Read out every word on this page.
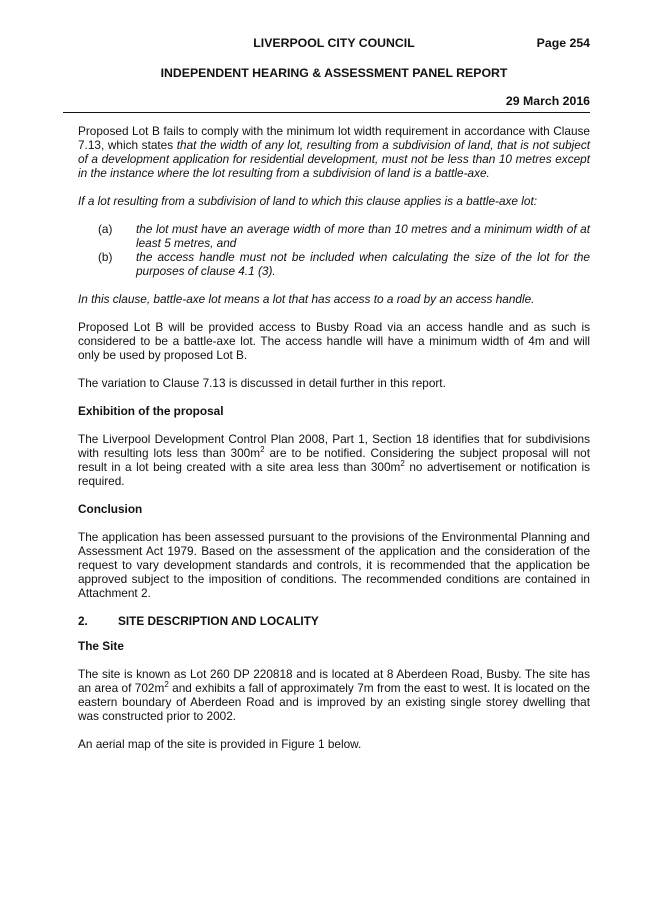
LIVERPOOL CITY COUNCIL	Page 254
INDEPENDENT HEARING & ASSESSMENT PANEL REPORT
29 March 2016

Proposed Lot B fails to comply with the minimum lot width requirement in accordance with Clause 7.13, which states that the width of any lot, resulting from a subdivision of land, that is not subject of a development application for residential development, must not be less than 10 metres except in the instance where the lot resulting from a subdivision of land is a battle-axe.

If a lot resulting from a subdivision of land to which this clause applies is a battle-axe lot:

(a) the lot must have an average width of more than 10 metres and a minimum width of at least 5 metres, and
(b) the access handle must not be included when calculating the size of the lot for the purposes of clause 4.1 (3).

In this clause, battle-axe lot means a lot that has access to a road by an access handle.

Proposed Lot B will be provided access to Busby Road via an access handle and as such is considered to be a battle-axe lot. The access handle will have a minimum width of 4m and will only be used by proposed Lot B.

The variation to Clause 7.13 is discussed in detail further in this report.

Exhibition of the proposal

The Liverpool Development Control Plan 2008, Part 1, Section 18 identifies that for subdivisions with resulting lots less than $300m^2$ are to be notified. Considering the subject proposal will not result in a lot being created with a site area less than $300m^2$ no advertisement or notification is required.

Conclusion

The application has been assessed pursuant to the provisions of the Environmental Planning and Assessment Act 1979. Based on the assessment of the application and the consideration of the request to vary development standards and controls, it is recommended that the application be approved subject to the imposition of conditions. The recommended conditions are contained in Attachment 2.

2.	SITE DESCRIPTION AND LOCALITY

The Site

The site is known as Lot 260 DP 220818 and is located at 8 Aberdeen Road, Busby. The site has an area of $702m^2$ and exhibits a fall of approximately 7m from the east to west. It is located on the eastern boundary of Aberdeen Road and is improved by an existing single storey dwelling that was constructed prior to 2002.

An aerial map of the site is provided in Figure 1 below.
